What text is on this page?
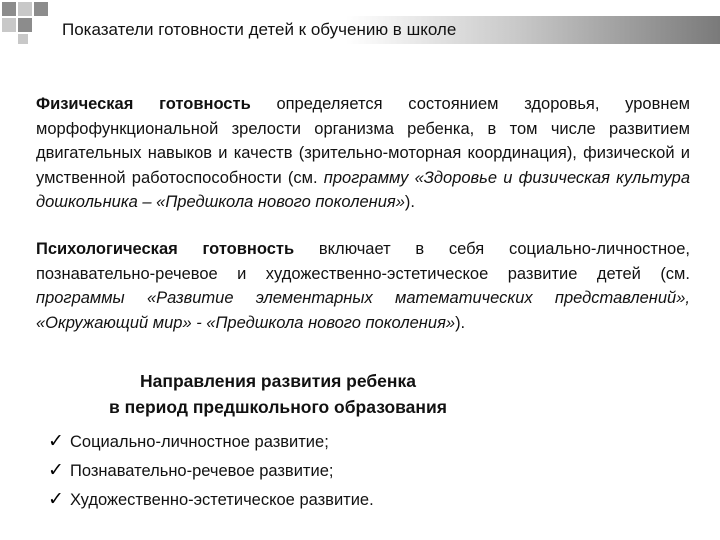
Показатели готовности детей к обучению в школе

Физическая готовность определяется состоянием здоровья, уровнем морфофункциональной зрелости организма ребенка, в том числе развитием двигательных навыков и качеств (зрительно-моторная координация), физической и умственной работоспособности (см. программу «Здоровье и физическая культура дошкольника – «Предшкола нового поколения»).

Психологическая готовность включает в себя социально-личностное, познавательно-речевое и художественно-эстетическое развитие детей (см. программы «Развитие элементарных математических представлений», «Окружающий мир» - «Предшкола нового поколения»).

Направления развития ребенка
в период предшкольного образования
✓ Социально-личностное развитие;
✓ Познавательно-речевое развитие;
✓ Художественно-эстетическое развитие.
